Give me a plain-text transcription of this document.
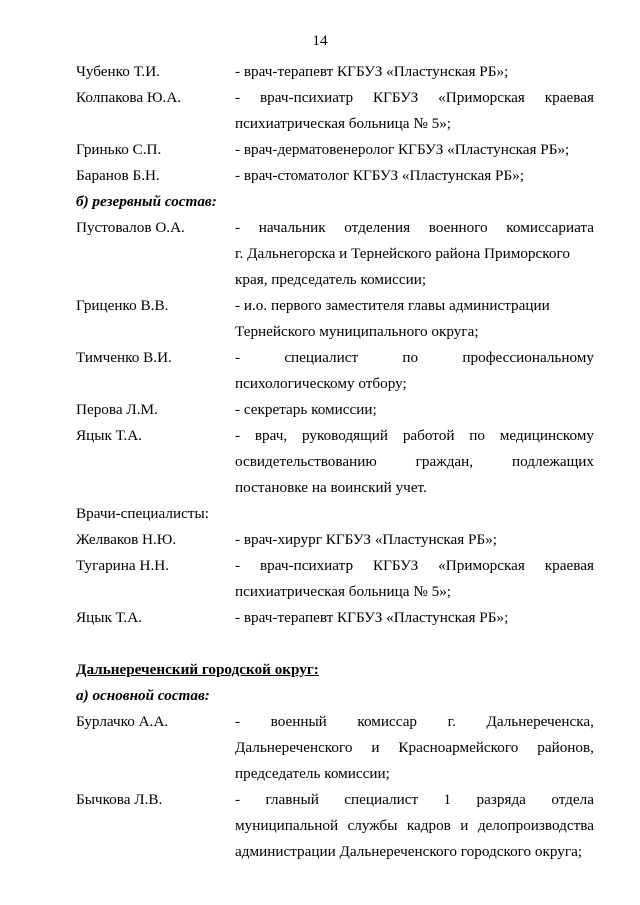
14
Чубенко Т.И.	- врач-терапевт КГБУЗ «Пластунская РБ»;
Колпакова Ю.А.	- врач-психиатр КГБУЗ «Приморская краевая
психиатрическая больница № 5»;
Гринько С.П.	- врач-дерматовенеролог КГБУЗ «Пластунская РБ»;
Баранов Б.Н.	- врач-стоматолог КГБУЗ «Пластунская РБ»;
б) резервный состав:
Пустовалов О.А.	- начальник отделения военного комиссариата
г. Дальнегорска и Тернейского района Приморского
края, председатель комиссии;
Гриценко В.В.	- и.о. первого заместителя главы администрации
Тернейского муниципального округа;
Тимченко В.И.	-	специалист	по	профессиональному
психологическому отбору;
Перова Л.М.	- секретарь комиссии;
Яцык Т.А.	- врач, руководящий работой по медицинскому
освидетельствованию	граждан,	подлежащих
постановке на воинский учет.
Врачи-специалисты:
Желваков Н.Ю.	- врач-хирург КГБУЗ «Пластунская РБ»;
Тугарина Н.Н.	- врач-психиатр КГБУЗ «Приморская краевая
психиатрическая больница № 5»;
Яцык Т.А.	- врач-терапевт КГБУЗ «Пластунская РБ»;
Дальнереченский городской округ:
а) основной состав:
Бурлачко А.А.	- военный комиссар г. Дальнереченска,
Дальнереченского и Красноармейского районов,
председатель комиссии;
Бычкова Л.В.	- главный специалист 1 разряда отдела
муниципальной службы кадров и делопроизводства
администрации Дальнереченского городского округа;
